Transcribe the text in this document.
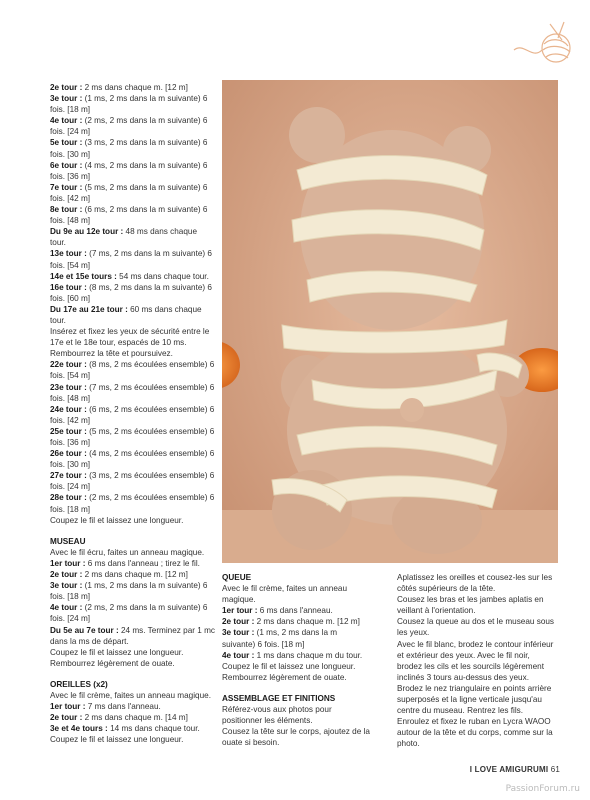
2e tour : 2 ms dans chaque m. [12 m]

3e tour : (1 ms, 2 ms dans la m suivante) 6 fois. [18 m]

4e tour : (2 ms, 2 ms dans la m suivante) 6 fois. [24 m]

5e tour : (3 ms, 2 ms dans la m suivante) 6 fois. [30 m]

6e tour : (4 ms, 2 ms dans la m suivante) 6 fois. [36 m]

7e tour : (5 ms, 2 ms dans la m suivante) 6 fois. [42 m]

8e tour : (6 ms, 2 ms dans la m suivante) 6 fois. [48 m]

Du 9e au 12e tour : 48 ms dans chaque tour.

13e tour : (7 ms, 2 ms dans la m suivante) 6 fois. [54 m]

14e et 15e tours : 54 ms dans chaque tour.

16e tour : (8 ms, 2 ms dans la m suivante) 6 fois. [60 m]

Du 17e au 21e tour : 60 ms dans chaque tour.

Insérez et fixez les yeux de sécurité entre le 17e et le 18e tour, espacés de 10 ms. Rembourrez la tête et poursuivez.

22e tour : (8 ms, 2 ms écoulées ensemble) 6 fois. [54 m]

23e tour : (7 ms, 2 ms écoulées ensemble) 6 fois. [48 m]

24e tour : (6 ms, 2 ms écoulées ensemble) 6 fois. [42 m]

25e tour : (5 ms, 2 ms écoulées ensemble) 6 fois. [36 m]

26e tour : (4 ms, 2 ms écoulées ensemble) 6 fois. [30 m]

27e tour : (3 ms, 2 ms écoulées ensemble) 6 fois. [24 m]

28e tour : (2 ms, 2 ms écoulées ensemble) 6 fois. [18 m]

Coupez le fil et laissez une longueur.

MUSEAU

Avec le fil écru, faites un anneau magique.

1er tour : 6 ms dans l'anneau ; tirez le fil.

2e tour : 2 ms dans chaque m. [12 m]

3e tour : (1 ms, 2 ms dans la m suivante) 6 fois. [18 m]

4e tour : (2 ms, 2 ms dans la m suivante) 6 fois. [24 m]

Du 5e au 7e tour : 24 ms. Terminez par 1 mc dans la ms de départ.

Coupez le fil et laissez une longueur. Rembourrez légèrement de ouate.

OREILLES (x2)

Avec le fil crème, faites un anneau magique.

1er tour : 7 ms dans l'anneau.

2e tour : 2 ms dans chaque m. [14 m]

3e et 4e tours : 14 ms dans chaque tour.

Coupez le fil et laissez une longueur.

QUEUE

Avec le fil crème, faites un anneau magique.

1er tour : 6 ms dans l'anneau.

2e tour : 2 ms dans chaque m. [12 m]

3e tour : (1 ms, 2 ms dans la m suivante) 6 fois. [18 m]

4e tour : 1 ms dans chaque m du tour.

Coupez le fil et laissez une longueur. Rembourrez légèrement de ouate.

ASSEMBLAGE ET FINITIONS

Référez-vous aux photos pour positionner les éléments.

Cousez la tête sur le corps, ajoutez de la ouate si besoin.

Aplatissez les oreilles et cousez-les sur les côtés supérieurs de la tête.

Cousez les bras et les jambes aplatis en veillant à l'orientation.

Cousez la queue au dos et le museau sous les yeux.

Avec le fil blanc, brodez le contour inférieur et extérieur des yeux. Avec le fil noir, brodez les cils et les sourcils légèrement inclinés 3 tours au-dessus des yeux. Brodez le nez triangulaire en points arrière superposés et la ligne verticale jusqu'au centre du museau. Rentrez les fils.

Enroulez et fixez le ruban en Lycra WAOO autour de la tête et du corps, comme sur la photo.

I LOVE AMIGURUMI 61
PassionForum.ru
